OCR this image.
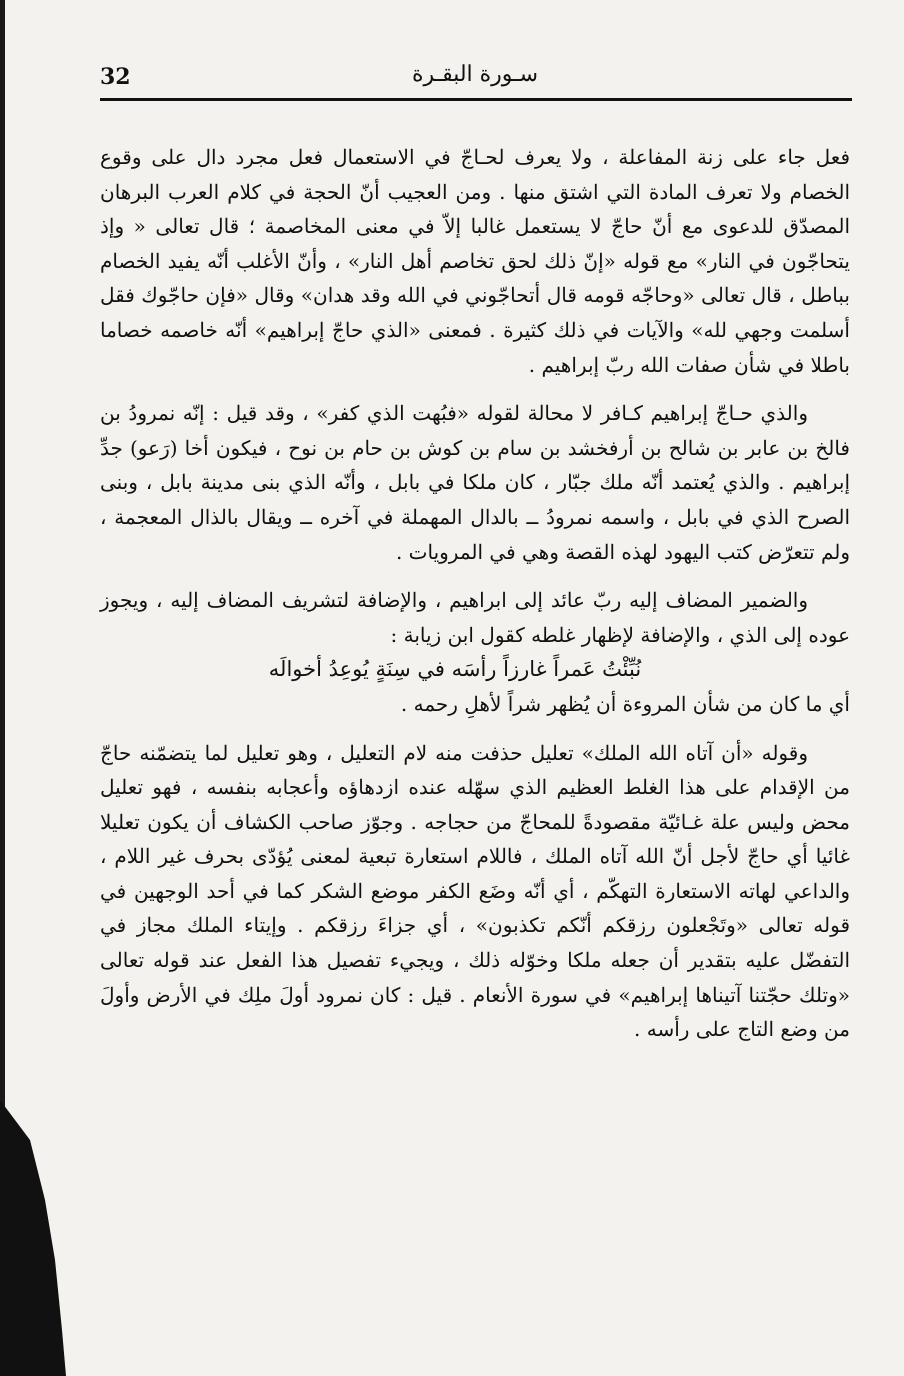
32	سـورة البقـرة

فعل جاء على زنة المفاعلة ، ولا يعرف لحـاجّ في الاستعمال فعل مجرد دال على وقوع الخصام ولا تعرف المادة التي اشتق منها . ومن العجيب أنّ الحجة في كلام العرب البرهان المصدّق للدعوى مع أنّ حاجّ لا يستعمل غالبا إلاّ في معنى المخاصمة ؛ قال تعالى « وإذ يتحاجّون في النار» مع قوله «إنّ ذلك لحق تخاصم أهل النار» ، وأنّ الأغلب أنّه يفيد الخصام بباطل ، قال تعالى «وحاجّه قومه قال أتحاجّوني في الله وقد هدان» وقال «فإن حاجّوك فقل أسلمت وجهي لله» والآيات في ذلك كثيرة . فمعنى «الذي حاجّ إبراهيم» أنّه خاصمه خصاما باطلا في شأن صفات الله ربّ إبراهيم .

والذي حـاجّ إبراهيم كـافر لا محالة لقوله «فبُهت الذي كفر» ، وقد قيل : إنّه نمرودُ بن فالخ بن عابر بن شالح بن أرفخشد بن سام بن كوش بن حام بن نوح ، فيكون أخا (رَعو) جدِّ إبراهيم . والذي يُعتمد أنّه ملك جبّار ، كان ملكا في بابل ، وأنّه الذي بنى مدينة بابل ، وبنى الصرح الذي في بابل ، واسمه نمرودُ ــ بالدال المهملة في آخره ــ ويقال بالذال المعجمة ، ولم تتعرّض كتب اليهود لهذه القصة وهي في المرويات .

والضمير المضاف إليه ربّ عائد إلى ابراهيم ، والإضافة لتشريف المضاف إليه ، ويجوز عوده إلى الذي ، والإضافة لإظهار غلطه كقول ابن زيابة :

نُبِّئْتُ عَمراً غارزاً رأسَه في سِنَةٍ يُوعِدُ أخوالَه

أي ما كان من شأن المروءة أن يُظهر شراً لأهلِ رحمه .

وقوله «أن آتاه الله الملك» تعليل حذفت منه لام التعليل ، وهو تعليل لما يتضمّنه حاجّ من الإقدام على هذا الغلط العظيم الذي سهّله عنده ازدهاؤه وأعجابه بنفسه ، فهو تعليل محض وليس علة غـائيّة مقصودةً للمحاجّ من حجاجه . وجوّز صاحب الكشاف أن يكون تعليلا غائيا أي حاجّ لأجل أنّ الله آتاه الملك ، فاللام استعارة تبعية لمعنى يُؤدّى بحرف غير اللام ، والداعي لهاته الاستعارة التهكّم ، أي أنّه وضَع الكفر موضع الشكر كما في أحد الوجهين في قوله تعالى «وتَجْعلون رزقكم أنّكم تكذبون» ، أي جزاءَ رزقكم . وإيتاء الملك مجاز في التفضّل عليه بتقدير أن جعله ملكا وخوّله ذلك ، ويجيء تفصيل هذا الفعل عند قوله تعالى «وتلك حجّتنا آتيناها إبراهيم» في سورة الأنعام . قيل : كان نمرود أولَ ملِك في الأرض وأولَ من وضع التاج على رأسه .
